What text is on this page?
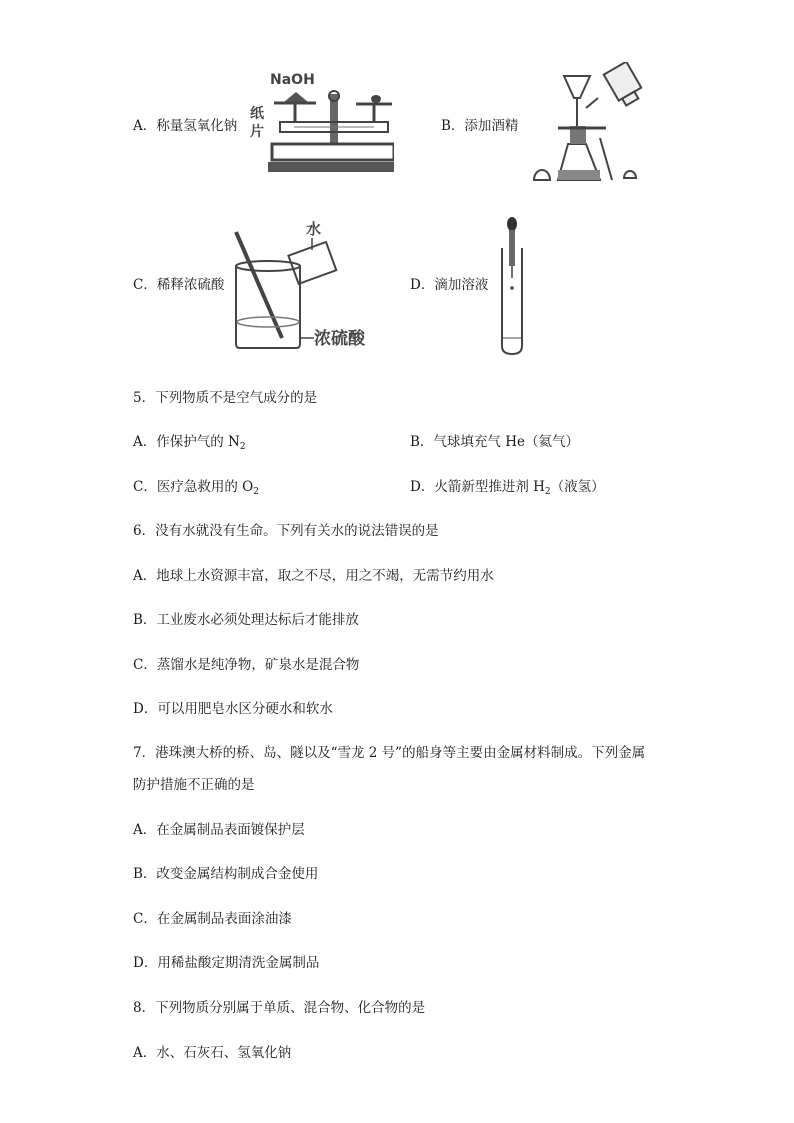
A．称量氢氧化钠
NaOH
纸
片	B．添加酒精
C．稀释浓硫酸
水
浓硫酸
D．滴加溶液
5．下列物质不是空气成分的是
A．作保护气的 $N_2$	B．气球填充气 He（氦气）
C．医疗急救用的 $O_2$	D．火箭新型推进剂 $H_2$（液氢）
6．没有水就没有生命。下列有关水的说法错误的是
A．地球上水资源丰富，取之不尽，用之不竭，无需节约用水
B．工业废水必须处理达标后才能排放
C．蒸馏水是纯净物，矿泉水是混合物
D．可以用肥皂水区分硬水和软水
7．港珠澳大桥的桥、岛、隧以及“雪龙 2 号”的船身等主要由金属材料制成。下列金属
防护措施不正确的是
A．在金属制品表面镀保护层
B．改变金属结构制成合金使用
C．在金属制品表面涂油漆
D．用稀盐酸定期清洗金属制品
8．下列物质分别属于单质、混合物、化合物的是
A．水、石灰石、氢氧化钠
